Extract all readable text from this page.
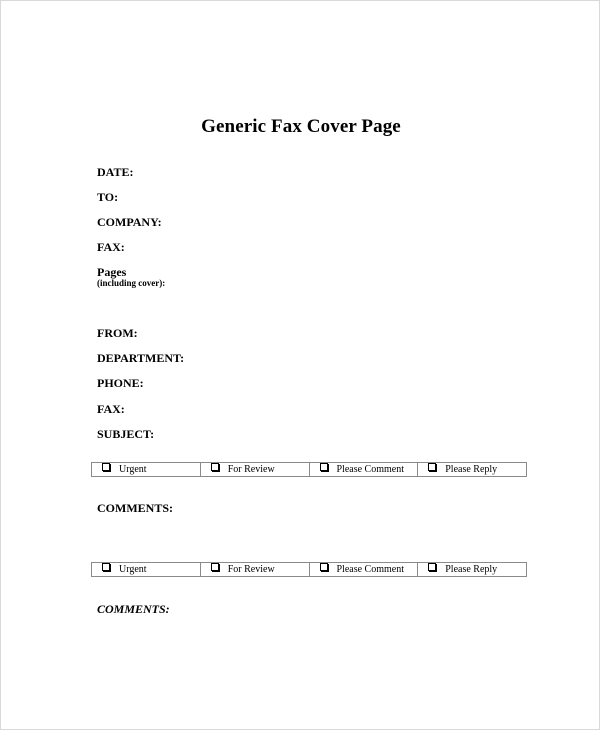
Generic Fax Cover Page
DATE:
TO:
COMPANY:
FAX:
Pages
(including cover):
FROM:
DEPARTMENT:
PHONE:
FAX:
SUBJECT:
Urgent	For Review	Please Comment	Please Reply
COMMENTS:
Urgent	For Review	Please Comment	Please Reply
COMMENTS:
